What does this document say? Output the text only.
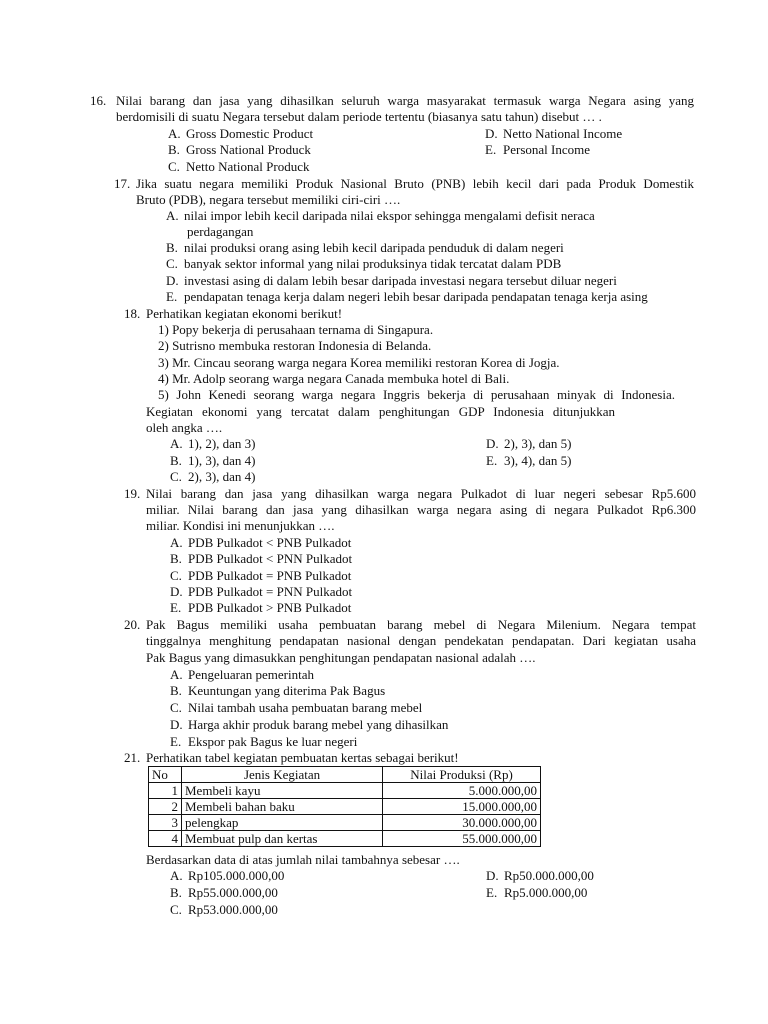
16. Nilai barang dan jasa yang dihasilkan seluruh warga masyarakat termasuk warga Negara asing yang
berdomisili di suatu Negara tersebut dalam periode tertentu (biasanya satu tahun) disebut … .
A. Gross Domestic Product
B. Gross National Produck
C. Netto National Produck
D. Netto National Income
E. Personal Income
17. Jika suatu negara memiliki Produk Nasional Bruto (PNB) lebih kecil dari pada Produk Domestik
Bruto (PDB), negara tersebut memiliki ciri-ciri ….
A. nilai impor lebih kecil daripada nilai ekspor sehingga mengalami defisit neraca
perdagangan
B. nilai produksi orang asing lebih kecil daripada penduduk di dalam negeri
C. banyak sektor informal yang nilai produksinya tidak tercatat dalam PDB
D. investasi asing di dalam lebih besar daripada investasi negara tersebut diluar negeri
E. pendapatan tenaga kerja dalam negeri lebih besar daripada pendapatan tenaga kerja asing
18. Perhatikan kegiatan ekonomi berikut!
1) Popy bekerja di perusahaan ternama di Singapura.
2) Sutrisno membuka restoran Indonesia di Belanda.
3) Mr. Cincau seorang warga negara Korea memiliki restoran Korea di Jogja.
4) Mr. Adolp seorang warga negara Canada membuka hotel di Bali.
5) John Kenedi seorang warga negara Inggris bekerja di perusahaan minyak di Indonesia.
Kegiatan ekonomi yang tercatat dalam penghitungan GDP Indonesia ditunjukkan
oleh angka ….
A. 1), 2), dan 3)
B. 1), 3), dan 4)
C. 2), 3), dan 4)
D. 2), 3), dan 5)
E. 3), 4), dan 5)
19. Nilai barang dan jasa yang dihasilkan warga negara Pulkadot di luar negeri sebesar Rp5.600
miliar. Nilai barang dan jasa yang dihasilkan warga negara asing di negara Pulkadot Rp6.300
miliar. Kondisi ini menunjukkan ….
A. PDB Pulkadot < PNB Pulkadot
B. PDB Pulkadot < PNN Pulkadot
C. PDB Pulkadot = PNB Pulkadot
D. PDB Pulkadot = PNN Pulkadot
E. PDB Pulkadot > PNB Pulkadot
20. Pak Bagus memiliki usaha pembuatan barang mebel di Negara Milenium. Negara tempat
tinggalnya menghitung pendapatan nasional dengan pendekatan pendapatan. Dari kegiatan usaha
Pak Bagus yang dimasukkan penghitungan pendapatan nasional adalah ….
A. Pengeluaran pemerintah
B. Keuntungan yang diterima Pak Bagus
C. Nilai tambah usaha pembuatan barang mebel
D. Harga akhir produk barang mebel yang dihasilkan
E. Ekspor pak Bagus ke luar negeri
21. Perhatikan tabel kegiatan pembuatan kertas sebagai berikut!
No	Jenis Kegiatan	Nilai Produksi (Rp)
1	Membeli kayu	5.000.000,00
2	Membeli bahan baku	15.000.000,00
3	pelengkap	30.000.000,00
4	Membuat pulp dan kertas	55.000.000,00
Berdasarkan data di atas jumlah nilai tambahnya sebesar ….
A. Rp105.000.000,00
B. Rp55.000.000,00
C. Rp53.000.000,00
D. Rp50.000.000,00
E. Rp5.000.000,00
